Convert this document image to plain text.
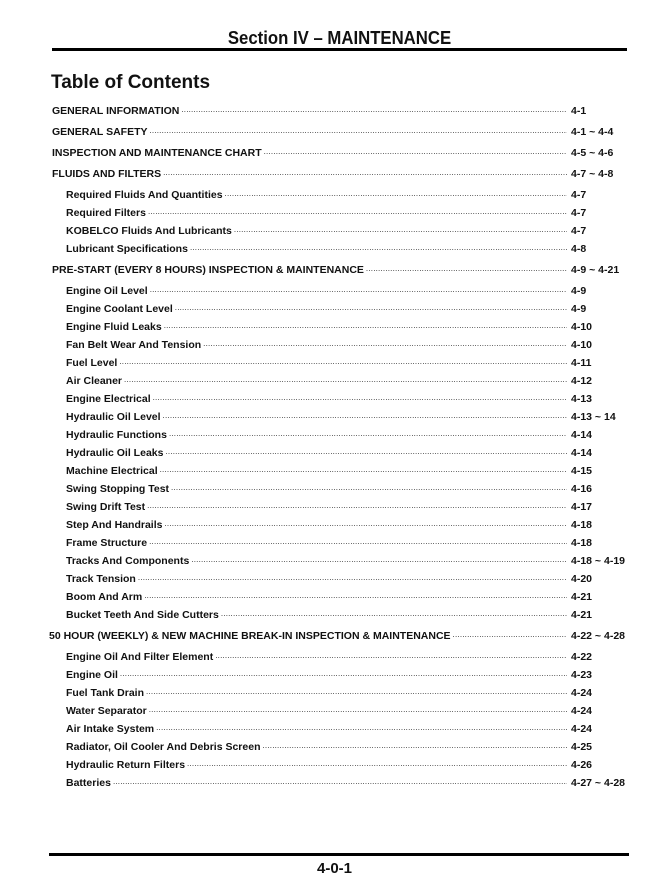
Section IV – MAINTENANCE
Table of Contents
GENERAL INFORMATION .....	4-1
GENERAL SAFETY .....	4-1 ~ 4-4
INSPECTION AND MAINTENANCE CHART .....	4-5 ~ 4-6
FLUIDS AND FILTERS .....	4-7 ~ 4-8
Required Fluids And Quantities .....	4-7
Required Filters .....	4-7
KOBELCO Fluids And Lubricants .....	4-7
Lubricant Specifications .....	4-8
PRE-START (EVERY 8 HOURS) INSPECTION & MAINTENANCE .....	4-9 ~ 4-21
Engine Oil Level .....	4-9
Engine Coolant Level .....	4-9
Engine Fluid Leaks .....	4-10
Fan Belt Wear And Tension .....	4-10
Fuel Level .....	4-11
Air Cleaner .....	4-12
Engine Electrical .....	4-13
Hydraulic Oil Level .....	4-13 ~ 14
Hydraulic Functions .....	4-14
Hydraulic Oil Leaks .....	4-14
Machine Electrical .....	4-15
Swing Stopping Test .....	4-16
Swing Drift Test .....	4-17
Step And Handrails .....	4-18
Frame Structure .....	4-18
Tracks And Components .....	4-18 ~ 4-19
Track Tension .....	4-20
Boom And Arm .....	4-21
Bucket Teeth And Side Cutters .....	4-21
50 HOUR (WEEKLY) & NEW MACHINE BREAK-IN INSPECTION & MAINTENANCE .....	4-22 ~ 4-28
Engine Oil And Filter Element .....	4-22
Engine Oil .....	4-23
Fuel Tank Drain .....	4-24
Water Separator .....	4-24
Air Intake System .....	4-24
Radiator, Oil Cooler And Debris Screen .....	4-25
Hydraulic Return Filters .....	4-26
Batteries .....	4-27 ~ 4-28
4-0-1
